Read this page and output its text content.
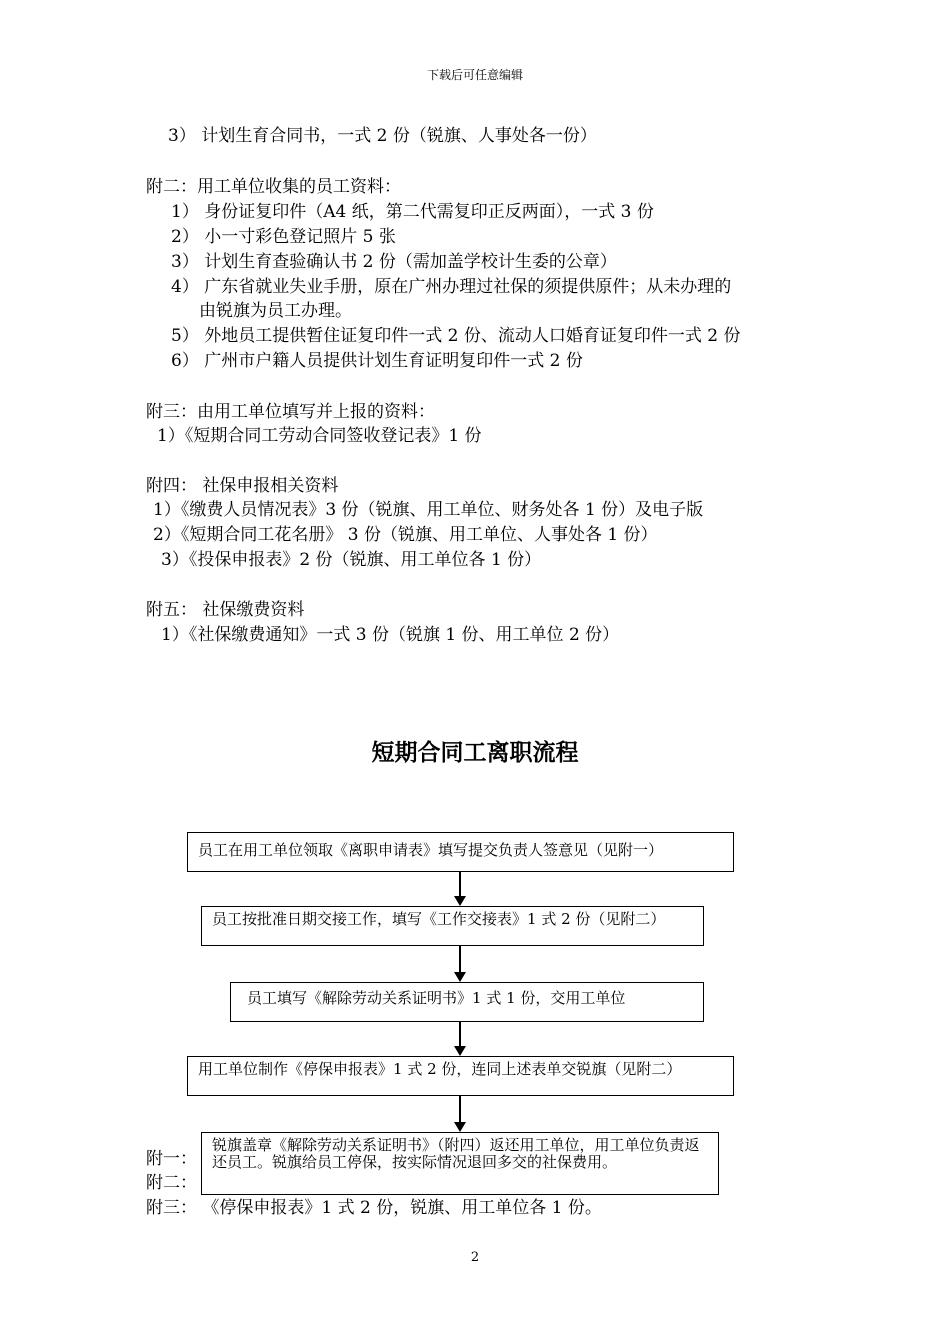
下载后可任意编辑
3） 计划生育合同书，一式 2 份（锐旗、人事处各一份）
附二：用工单位收集的员工资料：
1） 身份证复印件（A4 纸，第二代需复印正反两面），一式 3 份
2） 小一寸彩色登记照片 5 张
3） 计划生育查验确认书 2 份（需加盖学校计生委的公章）
4） 广东省就业失业手册，原在广州办理过社保的须提供原件；从未办理的
由锐旗为员工办理。
5） 外地员工提供暂住证复印件一式 2 份、流动人口婚育证复印件一式 2 份
6） 广州市户籍人员提供计划生育证明复印件一式 2 份
附三：由用工单位填写并上报的资料：
1）《短期合同工劳动合同签收登记表》1 份
附四： 社保申报相关资料
1）《缴费人员情况表》3 份（锐旗、用工单位、财务处各 1 份）及电子版
2）《短期合同工花名册》 3 份（锐旗、用工单位、人事处各 1 份）
3）《投保申报表》2 份（锐旗、用工单位各 1 份）
附五： 社保缴费资料
1）《社保缴费通知》一式 3 份（锐旗 1 份、用工单位 2 份）
短期合同工离职流程
员工在用工单位领取《离职申请表》填写提交负责人签意见（见附一）
员工按批准日期交接工作，填写《工作交接表》1 式 2 份（见附二）
员工填写《解除劳动关系证明书》1 式 1 份，交用工单位
用工单位制作《停保申报表》1 式 2 份，连同上述表单交锐旗（见附二）
锐旗盖章《解除劳动关系证明书》（附四）返还用工单位，用工单位负责返还员工。锐旗给员工停保，按实际情况退回多交的社保费用。
附一：
附二：
附三： 《停保申报表》1 式 2 份，锐旗、用工单位各 1 份。
2
